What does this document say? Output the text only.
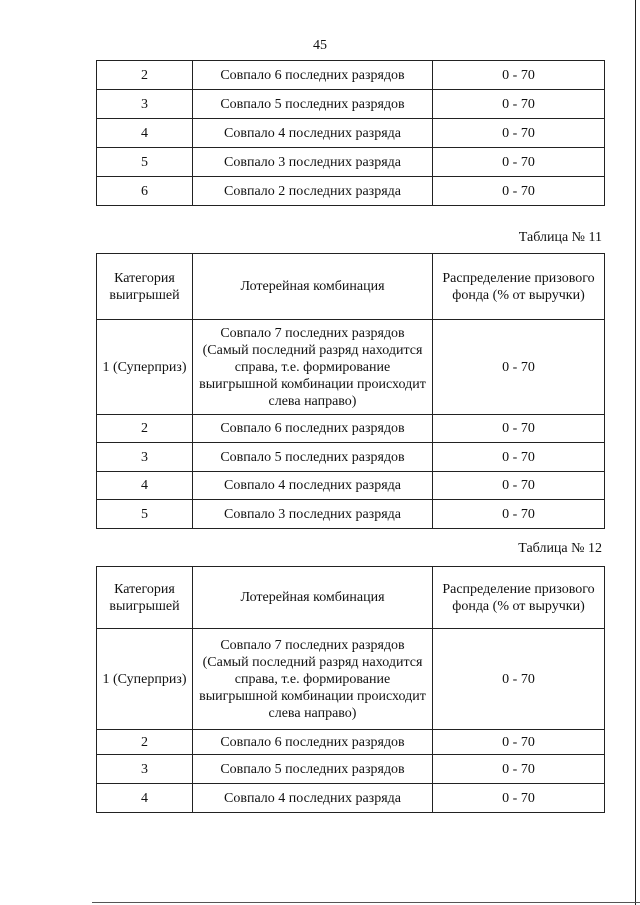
45
2	Совпало 6 последних разрядов	0 - 70
3	Совпало 5 последних разрядов	0 - 70
4	Совпало 4 последних разряда	0 - 70
5	Совпало 3 последних разряда	0 - 70
6	Совпало 2 последних разряда	0 - 70
Таблица № 11
Категория выигрышей	Лотерейная комбинация	Распределение призового фонда (% от выручки)
1 (Суперприз)	Совпало 7 последних разрядов (Самый последний разряд находится справа, т.е. формирование выигрышной комбинации происходит слева направо)	0 - 70
2	Совпало 6 последних разрядов	0 - 70
3	Совпало 5 последних разрядов	0 - 70
4	Совпало 4 последних разряда	0 - 70
5	Совпало 3 последних разряда	0 - 70
Таблица № 12
Категория выигрышей	Лотерейная комбинация	Распределение призового фонда (% от выручки)
1 (Суперприз)	Совпало 7 последних разрядов (Самый последний разряд находится справа, т.е. формирование выигрышной комбинации происходит слева направо)	0 - 70
2	Совпало 6 последних разрядов	0 - 70
3	Совпало 5 последних разрядов	0 - 70
4	Совпало 4 последних разряда	0 - 70
